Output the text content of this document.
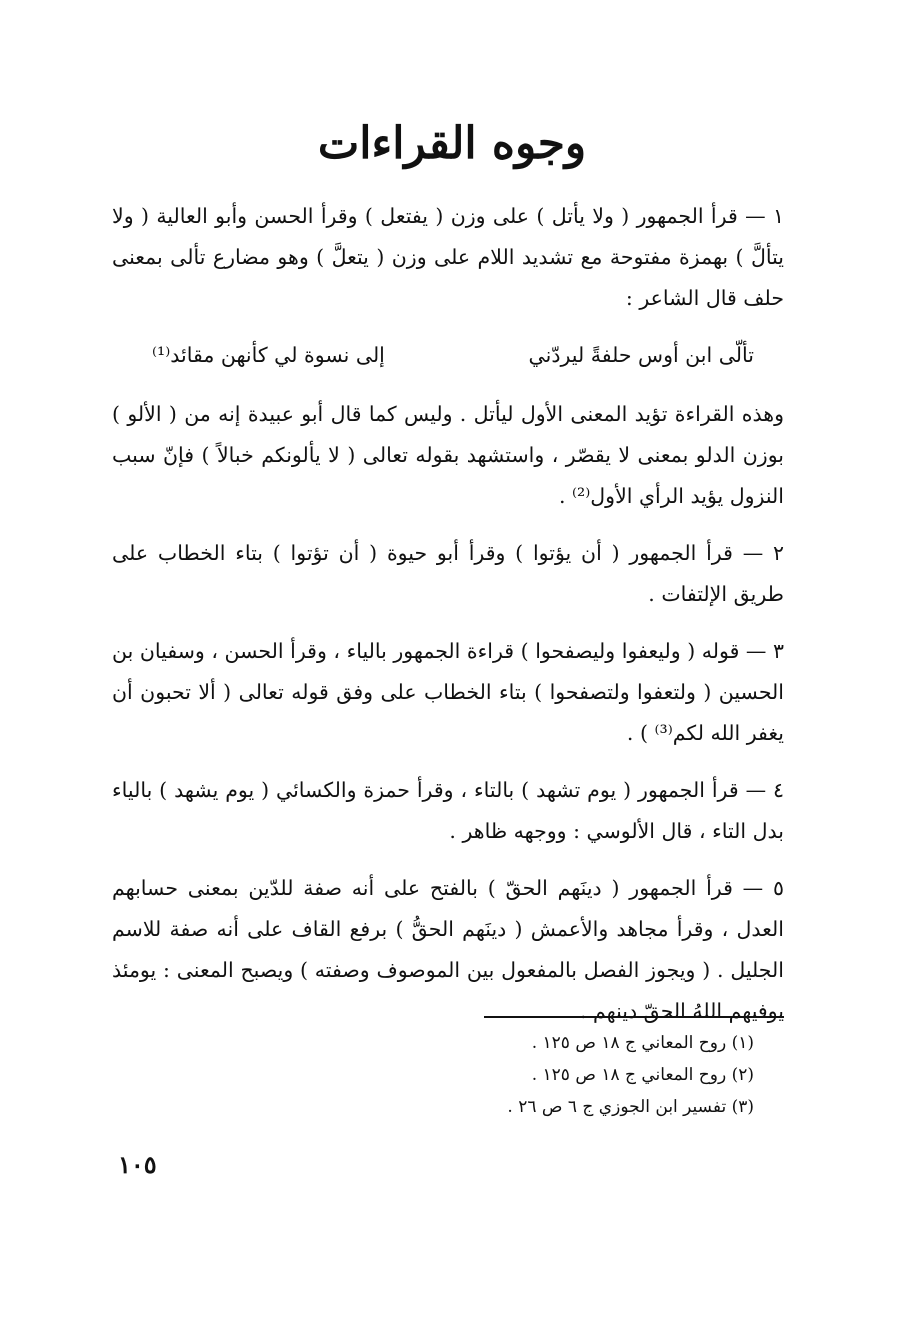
وجوه القراءات

١ — قرأ الجمهور ( ولا يأتل ) على وزن ( يفتعل ) وقرأ الحسن وأبو العالية ( ولا يتألَّ ) بهمزة مفتوحة مع تشديد اللام على وزن ( يتعلَّ ) وهو مضارع تألى بمعنى حلف قال الشاعر :

تألّى ابن أوس حلفةً ليردّني
إلى نسوة لي كأنهن مقائد⁽¹⁾

وهذه القراءة تؤيد المعنى الأول ليأتل . وليس كما قال أبو عبيدة إنه من ( الألو ) بوزن الدلو بمعنى لا يقصّر ، واستشهد بقوله تعالى ( لا يألونكم خبالاً ) فإنّ سبب النزول يؤيد الرأي الأول⁽²⁾ .

٢ — قرأ الجمهور ( أن يؤتوا ) وقرأ أبو حيوة ( أن تؤتوا ) بتاء الخطاب على طريق الإلتفات .

٣ — قوله ( وليعفوا وليصفحوا ) قراءة الجمهور بالياء ، وقرأ الحسن ، وسفيان بن الحسين ( ولتعفوا ولتصفحوا ) بتاء الخطاب على وفق قوله تعالى ( ألا تحبون أن يغفر الله لكم⁽³⁾ ) .

٤ — قرأ الجمهور ( يوم تشهد ) بالتاء ، وقرأ حمزة والكسائي ( يوم يشهد ) بالياء بدل التاء ، قال الألوسي : ووجهه ظاهر .

٥ — قرأ الجمهور ( دينَهم الحقّ ) بالفتح على أنه صفة للدّين بمعنى حسابهم العدل ، وقرأ مجاهد والأعمش ( دينَهم الحقُّ ) برفع القاف على أنه صفة للاسم الجليل . ( ويجوز الفصل بالمفعول بين الموصوف وصفته ) ويصبح المعنى : يومئذ يوفيهم اللهُ الحقّ دينهم .

(١) روح المعاني ج ١٨ ص ١٢٥ .
(٢) روح المعاني ج ١٨ ص ١٢٥ .
(٣) تفسير ابن الجوزي ج ٦ ص ٢٦ .
١٠٥
